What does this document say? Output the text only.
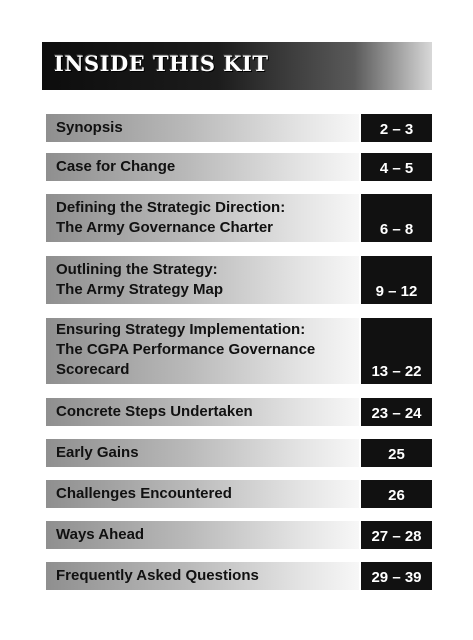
INSIDE THIS KIT
Synopsis	2 – 3
Case for Change	4 – 5
Defining the Strategic Direction:
The Army Governance Charter	6 – 8
Outlining the Strategy:
The Army Strategy Map	9 – 12
Ensuring Strategy Implementation:
The CGPA Performance Governance
Scorecard	13 – 22
Concrete Steps Undertaken	23 – 24
Early Gains	25
Challenges Encountered	26
Ways Ahead	27 – 28
Frequently Asked Questions	29 – 39
